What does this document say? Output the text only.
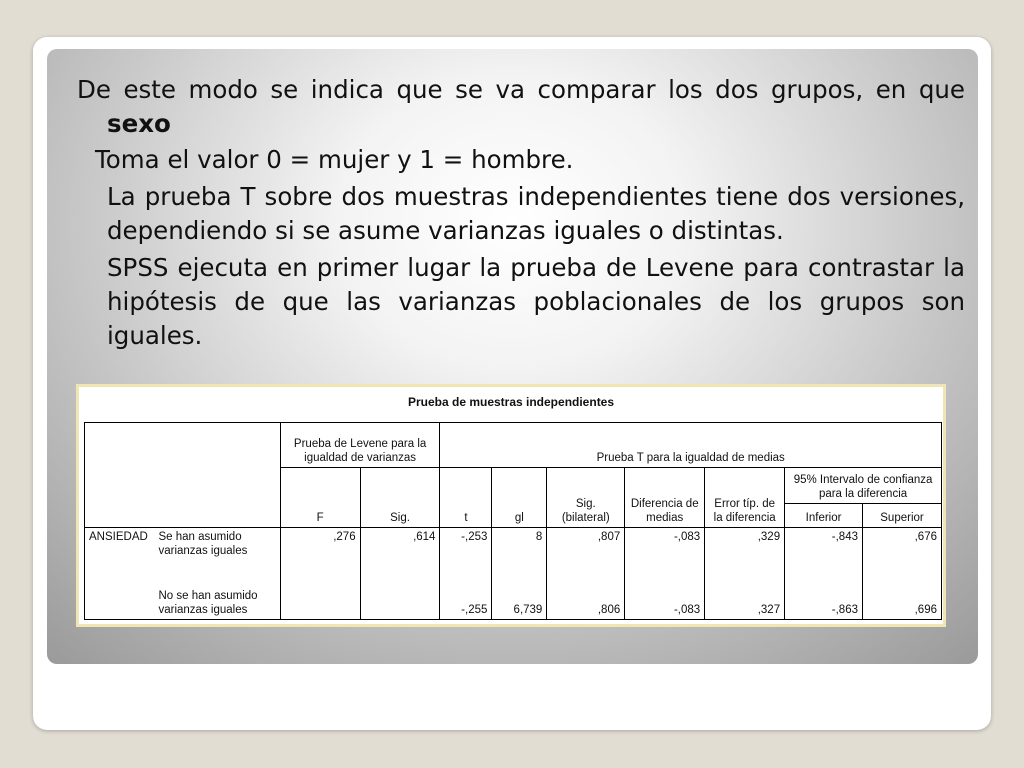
De este modo se indica que se va comparar los dos grupos, en que sexo

Toma el valor 0 = mujer y 1 = hombre.

La prueba T sobre dos muestras independientes tiene dos versiones, dependiendo si se asume varianzas iguales o distintas.

SPSS ejecuta en primer lugar la prueba de Levene para contrastar la hipótesis de que las varianzas poblacionales de los grupos son iguales.

Prueba de muestras independientes
		Prueba de Levene para la igualdad de varianzas		Prueba T para la igualdad de medias						
		F	Sig.	t	gl	Sig. (bilateral)	Diferencia de medias	Error típ. de la diferencia	95% Intervalo de confianza para la diferencia	
									Inferior	Superior
ANSIEDAD	Se han asumido varianzas iguales	,276	,614	-,253	8	,807	-,083	,329	-,843	,676
	No se han asumido varianzas iguales			-,255	6,739	,806	-,083	,327	-,863	,696
